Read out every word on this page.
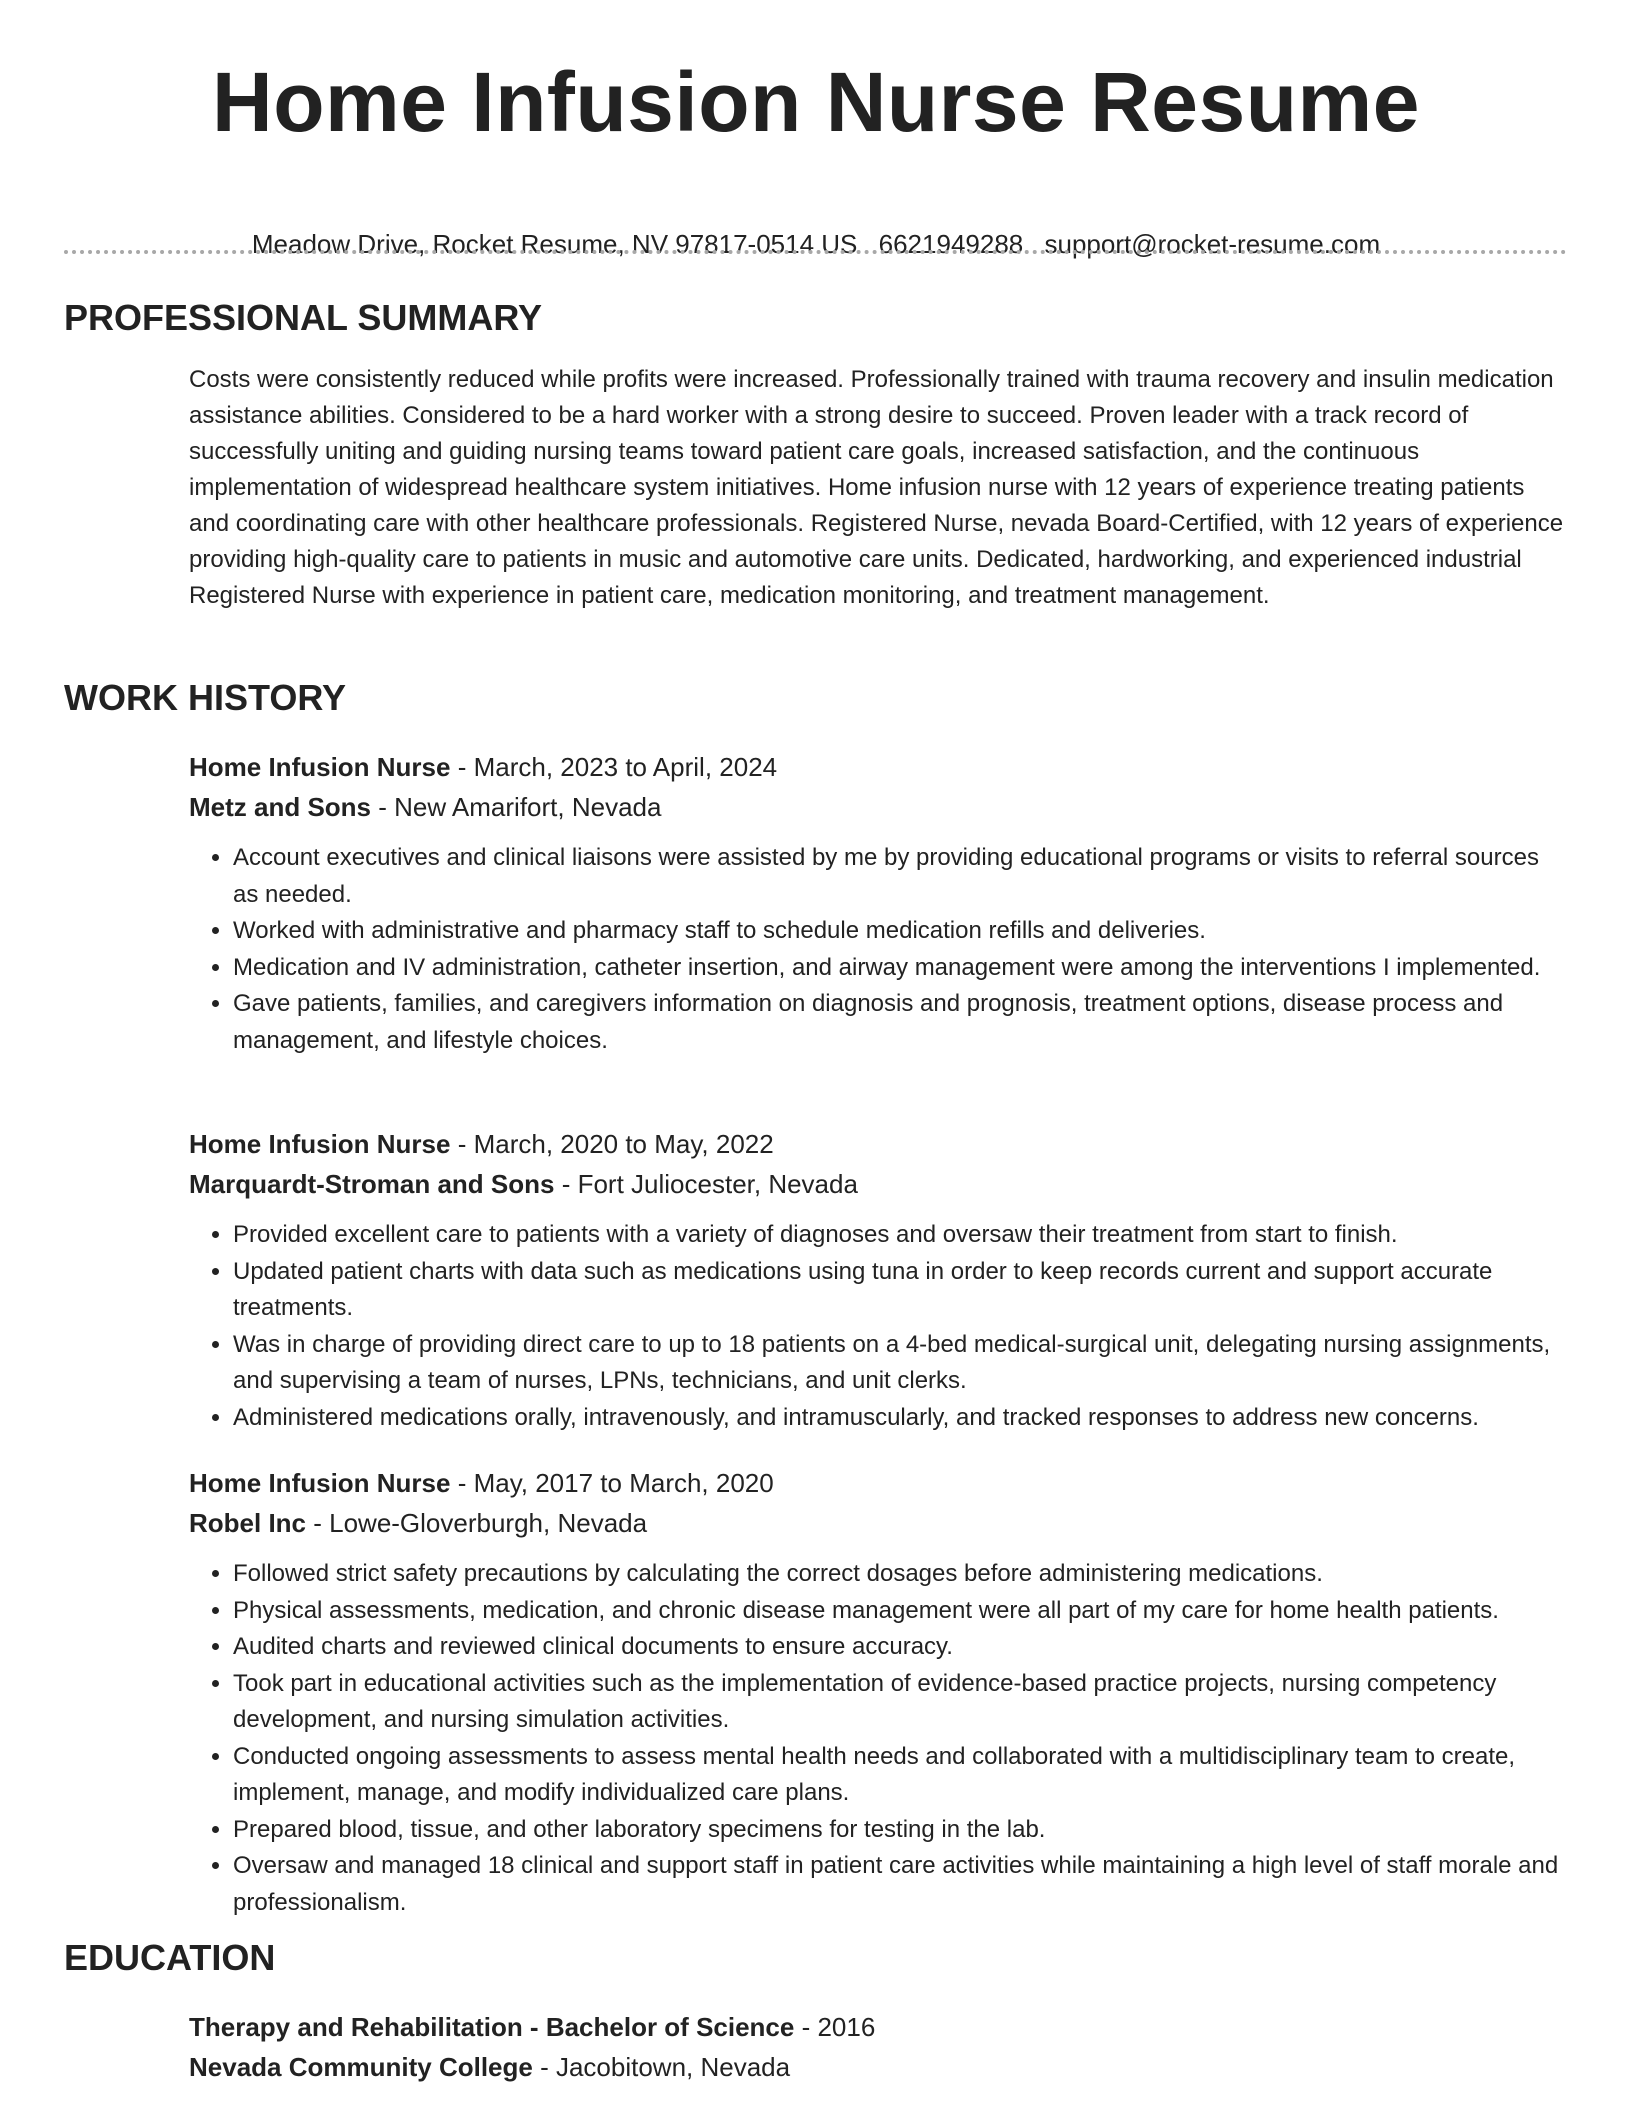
Home Infusion Nurse Resume
Meadow Drive, Rocket Resume, NV 97817-0514 US 6621949288 support@rocket-resume.com
PROFESSIONAL SUMMARY

Costs were consistently reduced while profits were increased. Professionally trained with trauma recovery and insulin medication assistance abilities. Considered to be a hard worker with a strong desire to succeed. Proven leader with a track record of successfully uniting and guiding nursing teams toward patient care goals, increased satisfaction, and the continuous implementation of widespread healthcare system initiatives. Home infusion nurse with 12 years of experience treating patients and coordinating care with other healthcare professionals. Registered Nurse, nevada Board-Certified, with 12 years of experience providing high-quality care to patients in music and automotive care units. Dedicated, hardworking, and experienced industrial Registered Nurse with experience in patient care, medication monitoring, and treatment management.

WORK HISTORY

Home Infusion Nurse - March, 2023 to April, 2024

Metz and Sons - New Amarifort, Nevada

• Account executives and clinical liaisons were assisted by me by providing educational programs or visits to referral sources as needed.
• Worked with administrative and pharmacy staff to schedule medication refills and deliveries.
• Medication and IV administration, catheter insertion, and airway management were among the interventions I implemented.
• Gave patients, families, and caregivers information on diagnosis and prognosis, treatment options, disease process and management, and lifestyle choices.

Home Infusion Nurse - March, 2020 to May, 2022

Marquardt-Stroman and Sons - Fort Juliocester, Nevada

• Provided excellent care to patients with a variety of diagnoses and oversaw their treatment from start to finish.
• Updated patient charts with data such as medications using tuna in order to keep records current and support accurate treatments.
• Was in charge of providing direct care to up to 18 patients on a 4-bed medical-surgical unit, delegating nursing assignments, and supervising a team of nurses, LPNs, technicians, and unit clerks.
• Administered medications orally, intravenously, and intramuscularly, and tracked responses to address new concerns.

Home Infusion Nurse - May, 2017 to March, 2020

Robel Inc - Lowe-Gloverburgh, Nevada

• Followed strict safety precautions by calculating the correct dosages before administering medications.
• Physical assessments, medication, and chronic disease management were all part of my care for home health patients.
• Audited charts and reviewed clinical documents to ensure accuracy.
• Took part in educational activities such as the implementation of evidence-based practice projects, nursing competency development, and nursing simulation activities.
• Conducted ongoing assessments to assess mental health needs and collaborated with a multidisciplinary team to create, implement, manage, and modify individualized care plans.
• Prepared blood, tissue, and other laboratory specimens for testing in the lab.
• Oversaw and managed 18 clinical and support staff in patient care activities while maintaining a high level of staff morale and professionalism.
EDUCATION

Therapy and Rehabilitation - Bachelor of Science - 2016

Nevada Community College - Jacobitown, Nevada
